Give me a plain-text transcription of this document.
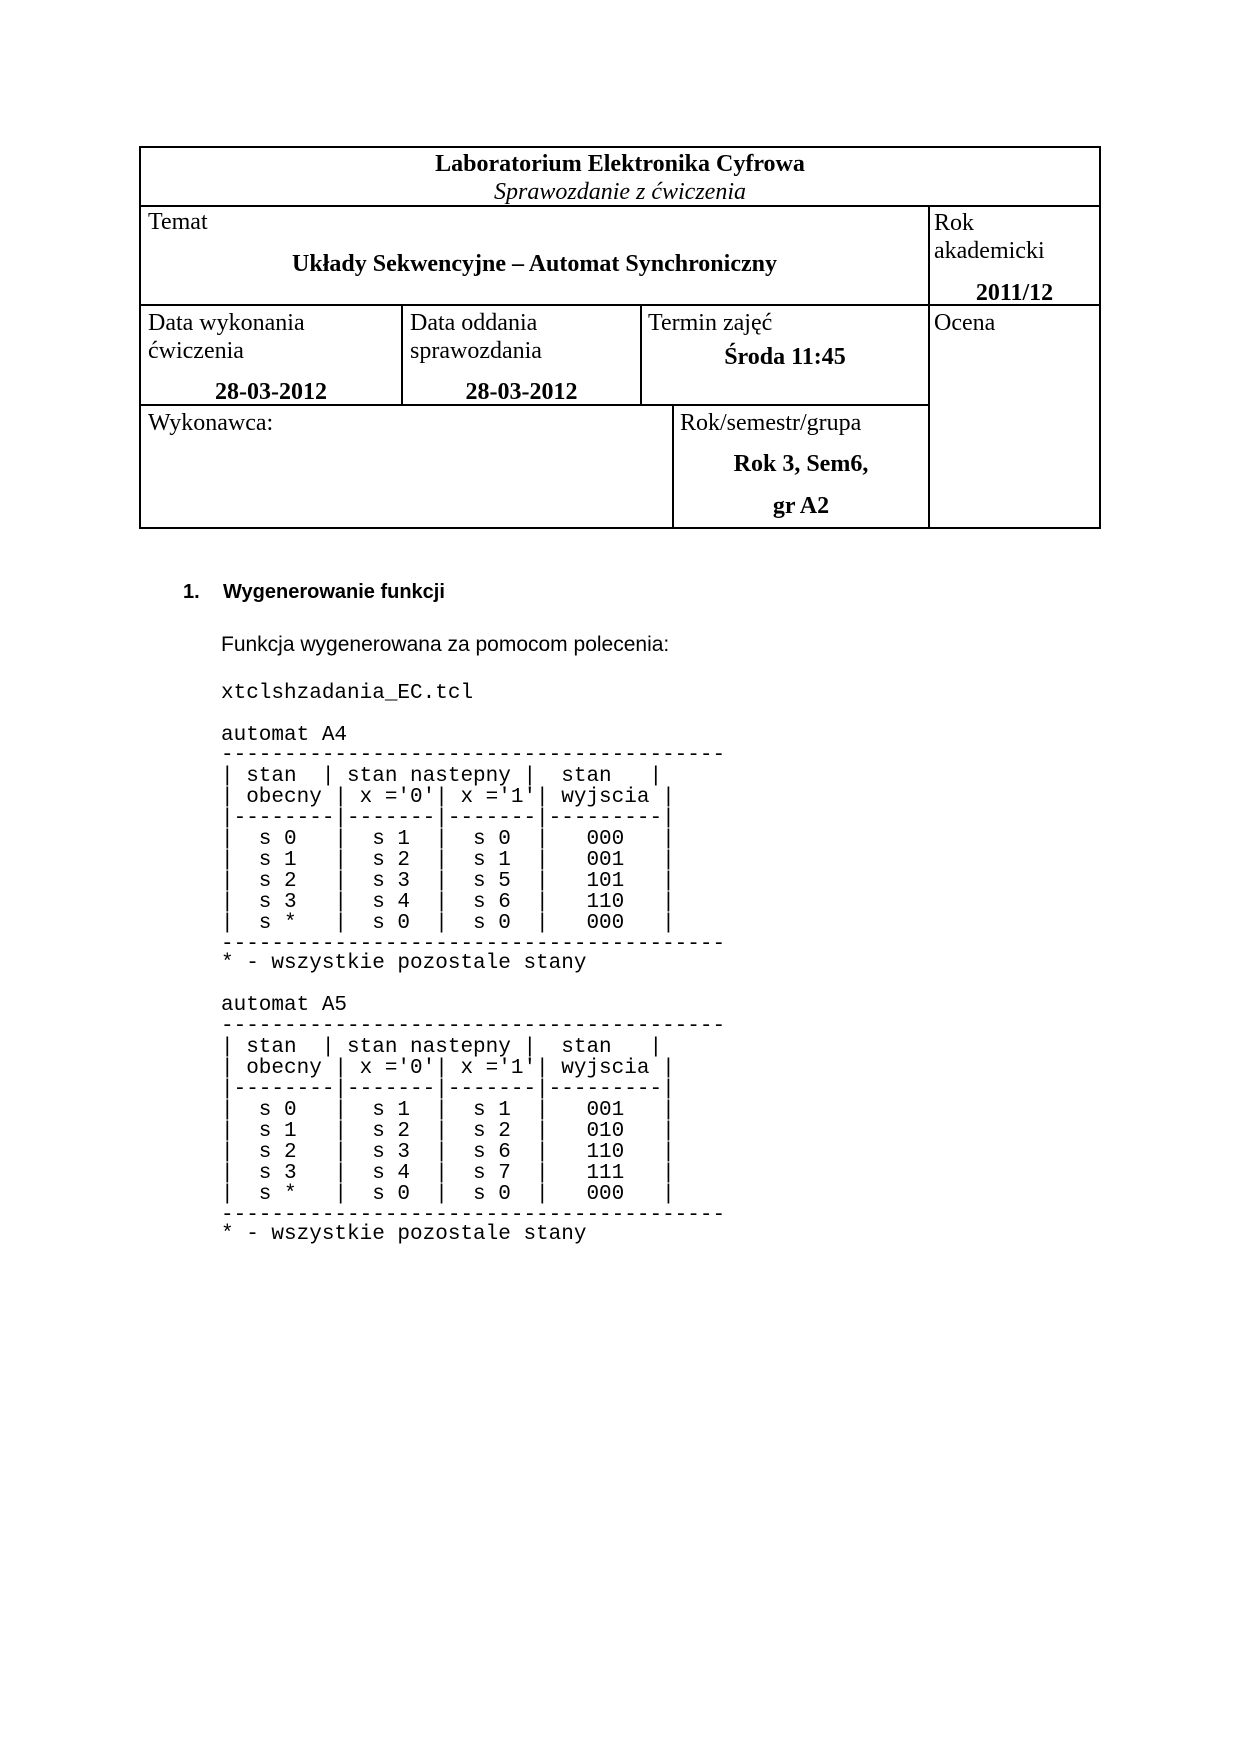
Laboratorium Elektronika Cyfrowa
Sprawozdanie z ćwiczenia
Temat
Układy Sekwencyjne – Automat Synchroniczny
Rok
akademicki
2011/12
Data wykonania
ćwiczenia
28-03-2012
Data oddania
sprawozdania
28-03-2012
Termin zajęć
Środa 11:45
Ocena
Wykonawca:	Rok/semestr/grupa
Rok 3, Sem6,
gr A2
1. Wygenerowanie funkcji
Funkcja wygenerowana za pomocom polecenia:
xtclshzadania_EC.tcl
automat A4
----------------------------------------
| stan  | stan nastepny |  stan   |
| obecny | x ='0'| x ='1'| wyjscia |
|--------|-------|-------|---------|
|  s 0   |  s 1  |  s 0  |   000   |
|  s 1   |  s 2  |  s 1  |   001   |
|  s 2   |  s 3  |  s 5  |   101   |
|  s 3   |  s 4  |  s 6  |   110   |
|  s *   |  s 0  |  s 0  |   000   |
----------------------------------------
* - wszystkie pozostale stany
automat A5
----------------------------------------
| stan  | stan nastepny |  stan   |
| obecny | x ='0'| x ='1'| wyjscia |
|--------|-------|-------|---------|
|  s 0   |  s 1  |  s 1  |   001   |
|  s 1   |  s 2  |  s 2  |   010   |
|  s 2   |  s 3  |  s 6  |   110   |
|  s 3   |  s 4  |  s 7  |   111   |
|  s *   |  s 0  |  s 0  |   000   |
----------------------------------------
* - wszystkie pozostale stany
